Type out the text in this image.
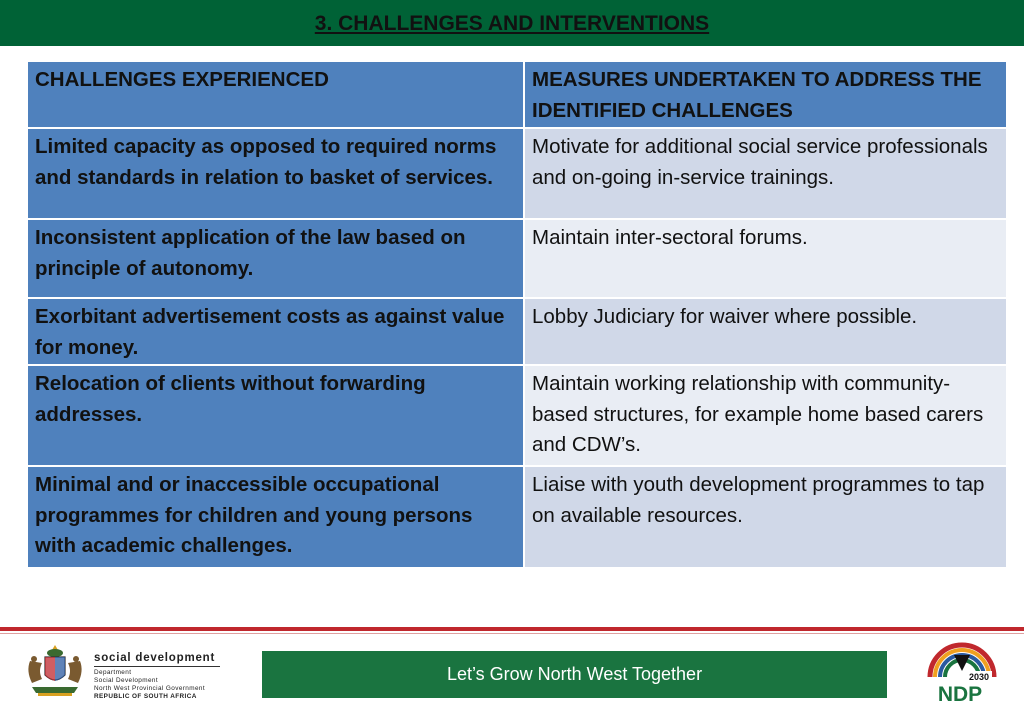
3. CHALLENGES AND INTERVENTIONS
CHALLENGES EXPERIENCED	MEASURES UNDERTAKEN TO ADDRESS THE IDENTIFIED CHALLENGES
Limited capacity as opposed to required norms and standards in relation to basket of services.	Motivate for additional social service professionals and on-going in-service trainings.
Inconsistent application of the law based on principle of autonomy.	Maintain inter-sectoral forums.
Exorbitant advertisement costs as against value for money.	Lobby Judiciary for waiver where possible.
Relocation of clients without forwarding addresses.	Maintain working relationship with community-based structures, for example home based carers and CDW’s.
Minimal and or inaccessible occupational programmes for children and young persons with academic challenges.	Liaise with youth development programmes to tap on available resources.
social development
Department
Social Development
North West Provincial Government
REPUBLIC OF SOUTH AFRICA
Let’s Grow North West Together	2030
NDP
